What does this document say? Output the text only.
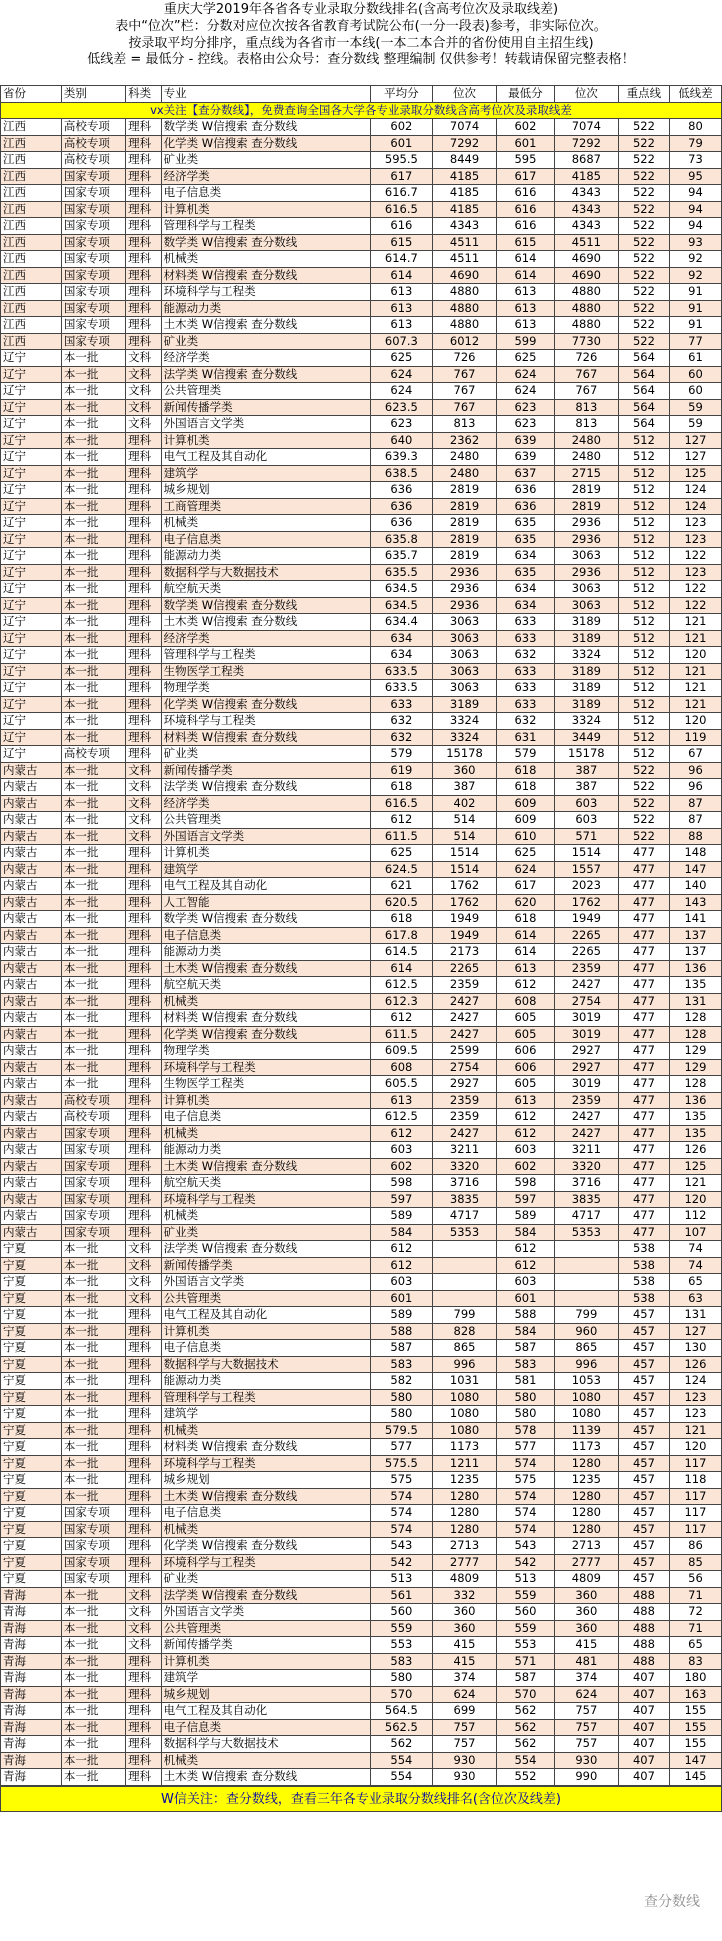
重庆大学2019年各省各专业录取分数线排名(含高考位次及录取线差)
表中“位次”栏：分数对应位次按各省教育考试院公布(一分一段表)参考，非实际位次。
按录取平均分排序，重点线为各省市一本线(一本二本合并的省份使用自主招生线)
低线差 = 最低分 - 控线。表格由公众号：查分数线 整理编制 仅供参考！转载请保留完整表格！
省份	类别	科类	专业	平均分	位次	最低分	位次	重点线	低线差
vx关注【查分数线】，免费查询全国各大学各专业录取分数线含高考位次及录取线差									
江西	高校专项	理科	数学类 W信搜索 查分数线	602	7074	602	7074	522	80
江西	高校专项	理科	化学类 W信搜索 查分数线	601	7292	601	7292	522	79
江西	高校专项	理科	矿业类	595.5	8449	595	8687	522	73
江西	国家专项	理科	经济学类	617	4185	617	4185	522	95
江西	国家专项	理科	电子信息类	616.7	4185	616	4343	522	94
江西	国家专项	理科	计算机类	616.5	4185	616	4343	522	94
江西	国家专项	理科	管理科学与工程类	616	4343	616	4343	522	94
江西	国家专项	理科	数学类 W信搜索 查分数线	615	4511	615	4511	522	93
江西	国家专项	理科	机械类	614.7	4511	614	4690	522	92
江西	国家专项	理科	材料类 W信搜索 查分数线	614	4690	614	4690	522	92
江西	国家专项	理科	环境科学与工程类	613	4880	613	4880	522	91
江西	国家专项	理科	能源动力类	613	4880	613	4880	522	91
江西	国家专项	理科	土木类 W信搜索 查分数线	613	4880	613	4880	522	91
江西	国家专项	理科	矿业类	607.3	6012	599	7730	522	77
辽宁	本一批	文科	经济学类	625	726	625	726	564	61
辽宁	本一批	文科	法学类 W信搜索 查分数线	624	767	624	767	564	60
辽宁	本一批	文科	公共管理类	624	767	624	767	564	60
辽宁	本一批	文科	新闻传播学类	623.5	767	623	813	564	59
辽宁	本一批	文科	外国语言文学类	623	813	623	813	564	59
辽宁	本一批	理科	计算机类	640	2362	639	2480	512	127
辽宁	本一批	理科	电气工程及其自动化	639.3	2480	639	2480	512	127
辽宁	本一批	理科	建筑学	638.5	2480	637	2715	512	125
辽宁	本一批	理科	城乡规划	636	2819	636	2819	512	124
辽宁	本一批	理科	工商管理类	636	2819	636	2819	512	124
辽宁	本一批	理科	机械类	636	2819	635	2936	512	123
辽宁	本一批	理科	电子信息类	635.8	2819	635	2936	512	123
辽宁	本一批	理科	能源动力类	635.7	2819	634	3063	512	122
辽宁	本一批	理科	数据科学与大数据技术	635.5	2936	635	2936	512	123
辽宁	本一批	理科	航空航天类	634.5	2936	634	3063	512	122
辽宁	本一批	理科	数学类 W信搜索 查分数线	634.5	2936	634	3063	512	122
辽宁	本一批	理科	土木类 W信搜索 查分数线	634.4	3063	633	3189	512	121
辽宁	本一批	理科	经济学类	634	3063	633	3189	512	121
辽宁	本一批	理科	管理科学与工程类	634	3063	632	3324	512	120
辽宁	本一批	理科	生物医学工程类	633.5	3063	633	3189	512	121
辽宁	本一批	理科	物理学类	633.5	3063	633	3189	512	121
辽宁	本一批	理科	化学类 W信搜索 查分数线	633	3189	633	3189	512	121
辽宁	本一批	理科	环境科学与工程类	632	3324	632	3324	512	120
辽宁	本一批	理科	材料类 W信搜索 查分数线	632	3324	631	3449	512	119
辽宁	高校专项	理科	矿业类	579	15178	579	15178	512	67
内蒙古	本一批	文科	新闻传播学类	619	360	618	387	522	96
内蒙古	本一批	文科	法学类 W信搜索 查分数线	618	387	618	387	522	96
内蒙古	本一批	文科	经济学类	616.5	402	609	603	522	87
内蒙古	本一批	文科	公共管理类	612	514	609	603	522	87
内蒙古	本一批	文科	外国语言文学类	611.5	514	610	571	522	88
内蒙古	本一批	理科	计算机类	625	1514	625	1514	477	148
内蒙古	本一批	理科	建筑学	624.5	1514	624	1557	477	147
内蒙古	本一批	理科	电气工程及其自动化	621	1762	617	2023	477	140
内蒙古	本一批	理科	人工智能	620.5	1762	620	1762	477	143
内蒙古	本一批	理科	数学类 W信搜索 查分数线	618	1949	618	1949	477	141
内蒙古	本一批	理科	电子信息类	617.8	1949	614	2265	477	137
内蒙古	本一批	理科	能源动力类	614.5	2173	614	2265	477	137
内蒙古	本一批	理科	土木类 W信搜索 查分数线	614	2265	613	2359	477	136
内蒙古	本一批	理科	航空航天类	612.5	2359	612	2427	477	135
内蒙古	本一批	理科	机械类	612.3	2427	608	2754	477	131
内蒙古	本一批	理科	材料类 W信搜索 查分数线	612	2427	605	3019	477	128
内蒙古	本一批	理科	化学类 W信搜索 查分数线	611.5	2427	605	3019	477	128
内蒙古	本一批	理科	物理学类	609.5	2599	606	2927	477	129
内蒙古	本一批	理科	环境科学与工程类	608	2754	606	2927	477	129
内蒙古	本一批	理科	生物医学工程类	605.5	2927	605	3019	477	128
内蒙古	高校专项	理科	计算机类	613	2359	613	2359	477	136
内蒙古	高校专项	理科	电子信息类	612.5	2359	612	2427	477	135
内蒙古	国家专项	理科	机械类	612	2427	612	2427	477	135
内蒙古	国家专项	理科	能源动力类	603	3211	603	3211	477	126
内蒙古	国家专项	理科	土木类 W信搜索 查分数线	602	3320	602	3320	477	125
内蒙古	国家专项	理科	航空航天类	598	3716	598	3716	477	121
内蒙古	国家专项	理科	环境科学与工程类	597	3835	597	3835	477	120
内蒙古	国家专项	理科	机械类	589	4717	589	4717	477	112
内蒙古	国家专项	理科	矿业类	584	5353	584	5353	477	107
宁夏	本一批	文科	法学类 W信搜索 查分数线	612		612		538	74
宁夏	本一批	文科	新闻传播学类	612		612		538	74
宁夏	本一批	文科	外国语言文学类	603		603		538	65
宁夏	本一批	文科	公共管理类	601		601		538	63
宁夏	本一批	理科	电气工程及其自动化	589	799	588	799	457	131
宁夏	本一批	理科	计算机类	588	828	584	960	457	127
宁夏	本一批	理科	电子信息类	587	865	587	865	457	130
宁夏	本一批	理科	数据科学与大数据技术	583	996	583	996	457	126
宁夏	本一批	理科	能源动力类	582	1031	581	1053	457	124
宁夏	本一批	理科	管理科学与工程类	580	1080	580	1080	457	123
宁夏	本一批	理科	建筑学	580	1080	580	1080	457	123
宁夏	本一批	理科	机械类	579.5	1080	578	1139	457	121
宁夏	本一批	理科	材料类 W信搜索 查分数线	577	1173	577	1173	457	120
宁夏	本一批	理科	环境科学与工程类	575.5	1211	574	1280	457	117
宁夏	本一批	理科	城乡规划	575	1235	575	1235	457	118
宁夏	本一批	理科	土木类 W信搜索 查分数线	574	1280	574	1280	457	117
宁夏	国家专项	理科	电子信息类	574	1280	574	1280	457	117
宁夏	国家专项	理科	机械类	574	1280	574	1280	457	117
宁夏	国家专项	理科	化学类 W信搜索 查分数线	543	2713	543	2713	457	86
宁夏	国家专项	理科	环境科学与工程类	542	2777	542	2777	457	85
宁夏	国家专项	理科	矿业类	513	4809	513	4809	457	56
青海	本一批	文科	法学类 W信搜索 查分数线	561	332	559	360	488	71
青海	本一批	文科	外国语言文学类	560	360	560	360	488	72
青海	本一批	文科	公共管理类	559	360	559	360	488	71
青海	本一批	文科	新闻传播学类	553	415	553	415	488	65
青海	本一批	理科	计算机类	583	415	571	481	488	83
青海	本一批	理科	建筑学	580	374	587	374	407	180
青海	本一批	理科	城乡规划	570	624	570	624	407	163
青海	本一批	理科	电气工程及其自动化	564.5	699	562	757	407	155
青海	本一批	理科	电子信息类	562.5	757	562	757	407	155
青海	本一批	理科	数据科学与大数据技术	562	757	562	757	407	155
青海	本一批	理科	机械类	554	930	554	930	407	147
青海	本一批	理科	土木类 W信搜索 查分数线	554	930	552	990	407	145
W信关注：查分数线，查看三年各专业录取分数线排名(含位次及线差)
查分数线
